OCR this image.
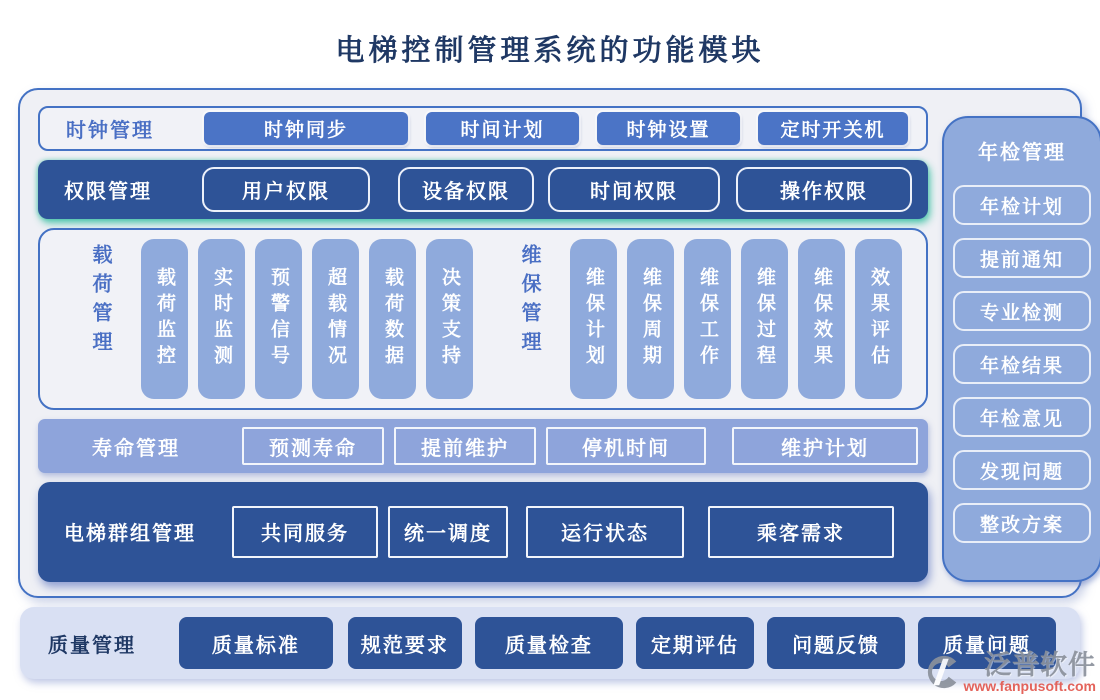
电梯控制管理系统的功能模块
时钟管理	时钟同步	时间计划	时钟设置	定时开关机
权限管理	用户权限	设备权限	时间权限	操作权限
载荷管理	载荷监控	实时监测	预警信号	超载情况	载荷数据	决策支持	维保管理	维保计划	维保周期	维保工作	维保过程	维保效果	效果评估
寿命管理	预测寿命	提前维护	停机时间	维护计划
电梯群组管理	共同服务	统一调度	运行状态	乘客需求
年检管理
年检计划
提前通知
专业检测
年检结果
年检意见
发现问题
整改方案
质量管理	质量标准	规范要求	质量检查	定期评估	问题反馈	质量问题
泛普软件
www.fanpusoft.com
